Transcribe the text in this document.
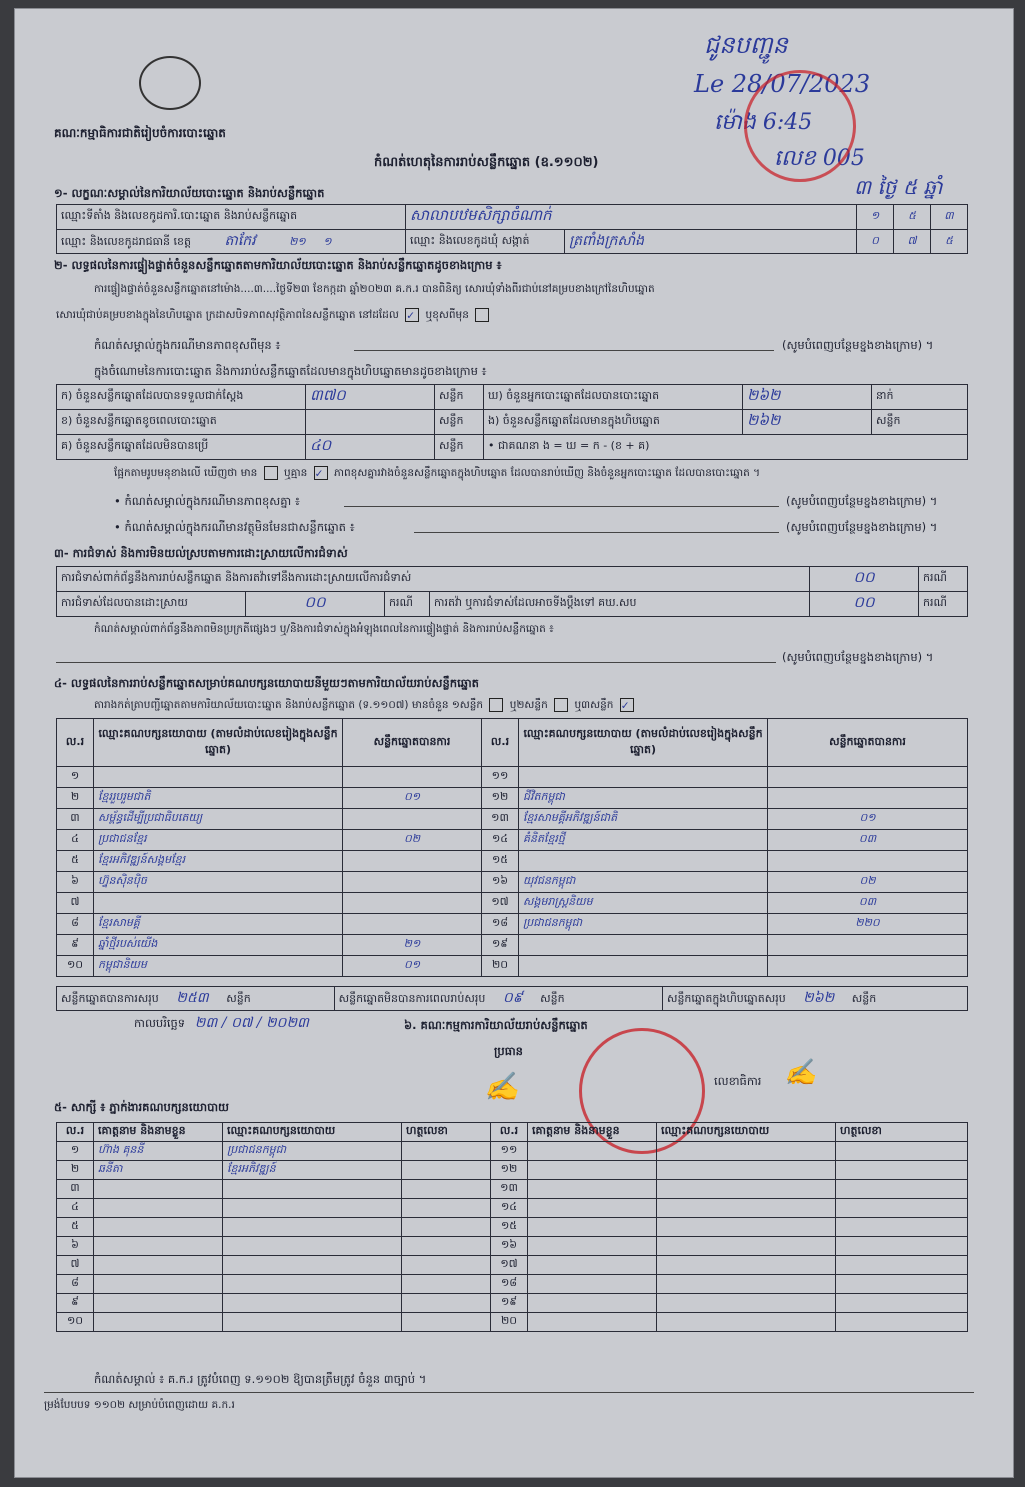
គណៈកម្មាធិការជាតិរៀបចំការបោះឆ្នោត
ជូនបញ្ជូន
Le 28/07/2023
ម៉ោង 6:45
លេខ 005
៣ ថ្ងៃ ៥ ឆ្នាំ
កំណត់ហេតុនៃការរាប់សន្លឹកឆ្នោត (ឧ.១១០២)
១- លក្ខណៈសម្គាល់នៃការិយាល័យបោះឆ្នោត និងរាប់សន្លឹកឆ្នោត
ឈ្មោះទីតាំង និងលេខកូដការិ.បោះឆ្នោត និងរាប់សន្លឹកឆ្នោត	សាលាបឋមសិក្សាចំណាក់		១	៥	៣
ឈ្មោះ និងលេខកូដរាជធានី ខេត្ត តាកែវ ២១ ១	ឈ្មោះ និងលេខកូដឃុំ សង្កាត់	ត្រពាំងក្រសាំង	០	៧	៥
២- លទ្ធផលនៃការផ្ទៀងផ្ទាត់ចំនួនសន្លឹកឆ្នោតតាមការិយាល័យបោះឆ្នោត និងរាប់សន្លឹកឆ្នោតដូចខាងក្រោម ៖
ការផ្ទៀងផ្ទាត់ចំនួនសន្លឹកឆ្នោតនៅម៉ោង....៣....ថ្ងៃទី២៣ ខែកក្កដា ឆ្នាំ២០២៣ គ.ក.រ បានពិនិត្យ សោរឃុំទាំងពីរជាប់នៅគម្របខាងក្រៅនៃហិបឆ្នោត
សោរឃុំជាប់គម្របខាងក្នុងនៃហិបឆ្នោត ក្រដាសបិទភាពសុវត្ថិភាពនៃសន្លឹកឆ្នោត នៅដដែល ✓ ឬខុសពីមុន
កំណត់សម្គាល់ក្នុងករណីមានភាពខុសពីមុន ៖	(សូមបំពេញបន្ថែមខ្នងខាងក្រោម) ។
ក្នុងចំណោមនៃការបោះឆ្នោត និងការរាប់សន្លឹកឆ្នោតដែលមានក្នុងហិបឆ្នោតមានដូចខាងក្រោម ៖
ក) ចំនួនសន្លឹកឆ្នោតដែលបានទទួលជាក់ស្តែង	៣៧០	សន្លឹក	ឃ) ចំនួនអ្នកបោះឆ្នោតដែលបានបោះឆ្នោត	២៦២	នាក់
ខ) ចំនួនសន្លឹកឆ្នោតខូចពេលបោះឆ្នោត		សន្លឹក	ង) ចំនួនសន្លឹកឆ្នោតដែលមានក្នុងហិបឆ្នោត	២៦២	សន្លឹក
គ) ចំនួនសន្លឹកឆ្នោតដែលមិនបានប្រើ	៤០	សន្លឹក	• ជាគណនា ង = ឃ = ក - (ខ + គ)		
ផ្អែកតាមរូបមនុខាងលើ ឃើញថា មាន	ឬគ្មាន ✓ ភាពខុសគ្នារវាងចំនួនសន្លឹកឆ្នោតក្នុងហិបឆ្នោត ដែលបានរាប់ឃើញ និងចំនួនអ្នកបោះឆ្នោត ដែលបានបោះឆ្នោត ។
• កំណត់សម្គាល់ក្នុងករណីមានភាពខុសគ្នា ៖	(សូមបំពេញបន្ថែមខ្នងខាងក្រោម) ។
• កំណត់សម្គាល់ក្នុងករណីមានវត្ថុមិនមែនជាសន្លឹកឆ្នោត ៖	(សូមបំពេញបន្ថែមខ្នងខាងក្រោម) ។
៣- ការជំទាស់ និងការមិនយល់ស្របតាមការដោះស្រាយលើការជំទាស់
ការជំទាស់ពាក់ព័ន្ធនឹងការរាប់សន្លឹកឆ្នោត និងការតវ៉ាទៅនឹងការដោះស្រាយលើការជំទាស់				០០	ករណី
ការជំទាស់ដែលបានដោះស្រាយ	០០	ករណី	ការតវ៉ា ឬការជំទាស់ដែលអាចទីងប្តឹងទៅ គឃ.សប	០០	ករណី
កំណត់សម្គាល់ពាក់ព័ន្ធនឹងភាពមិនប្រក្រតីផ្សេងៗ ឬ/និងការជំទាស់ក្នុងអំឡុងពេលនៃការផ្ទៀងផ្ទាត់ និងការរាប់សន្លឹកឆ្នោត ៖
(សូមបំពេញបន្ថែមខ្នងខាងក្រោម) ។
៤- លទ្ធផលនៃការរាប់សន្លឹកឆ្នោតសម្រាប់គណបក្សនយោបាយនីមួយៗតាមការិយាល័យរាប់សន្លឹកឆ្នោត
តារាងកត់ត្រាបញ្ជីឆ្នោតតាមការិយាល័យបោះឆ្នោត និងរាប់សន្លឹកឆ្នោត (ទ.១១០៧) មានចំនួន ១សន្លឹក	ឬ២សន្លឹក	ឬ៣សន្លឹក ✓
ល.រ	ឈ្មោះគណបក្សនយោបាយ (តាមលំដាប់លេខរៀងក្នុងសន្លឹកឆ្នោត)	សន្លឹកឆ្នោតបានការ	ល.រ	ឈ្មោះគណបក្សនយោបាយ (តាមលំដាប់លេខរៀងក្នុងសន្លឹកឆ្នោត)	សន្លឹកឆ្នោតបានការ
១			១១		
២	ខ្មែររួបរួមជាតិ	០១	១២	ជីវិតកម្ពុជា	
៣	សម្ព័ន្ធដើម្បីប្រជាធិបតេយ្យ		១៣	ខ្មែរសាមគ្គីអភិវឌ្ឍន៍ជាតិ	០១
៤	ប្រជាជនខ្មែរ	០២	១៤	គំនិតខ្មែរថ្មី	០៣
៥	ខ្មែរអភិវឌ្ឍន៍សង្គមខ្មែរ		១៥		
៦	ហ្វ៊ុនស៊ិនប៉ិច		១៦	យុវជនកម្ពុជា	០២
៧			១៧	សង្គមរាស្ត្រនិយម	០៣
៨	ខ្មែរសាមគ្គី		១៨	ប្រជាជនកម្ពុជា	២២០
៩	ឆ្នាំថ្មីរបស់យើង	២១	១៩		
១០	កម្ពុជានិយម	០១	២០		
សន្លឹកឆ្នោតបានការសរុប ២៥៣ សន្លឹក	សន្លឹកឆ្នោតមិនបានការពេលរាប់សរុប ០៩ សន្លឹក	សន្លឹកឆ្នោតក្នុងហិបឆ្នោតសរុប ២៦២ សន្លឹក
កាលបរិច្ឆេទ ២៣ / ០៧ / ២០២៣	៦. គណៈកម្មការការិយាល័យរាប់សន្លឹកឆ្នោត
ប្រធាន
លេខាធិការ
✍	✍
៥- សាក្សី ៖ ភ្នាក់ងារគណបក្សនយោបាយ
ល.រ	គោត្តនាម និងនាមខ្លួន	ឈ្មោះគណបក្សនយោបាយ	ហត្ថលេខា	ល.រ	គោត្តនាម និងនាមខ្លួន	ឈ្មោះគណបក្សនយោបាយ	ហត្ថលេខា
១	ហ៊ាង គុននី	ប្រជាជនកម្ពុជា		១១			
២	ឆនីតា	ខ្មែរអភិវឌ្ឍន៍		១២			
៣				១៣			
៤				១៤			
៥				១៥			
៦				១៦			
៧				១៧			
៨				១៨			
៩				១៩			
១០				២០			
កំណត់សម្គាល់ ៖ គ.ក.រ ត្រូវបំពេញ ទ.១១០២ ឱ្យបានត្រឹមត្រូវ ចំនួន ៣ច្បាប់ ។
ម្រង់បែបបទ ១១០២ សម្រាប់បំពេញដោយ គ.ក.រ
